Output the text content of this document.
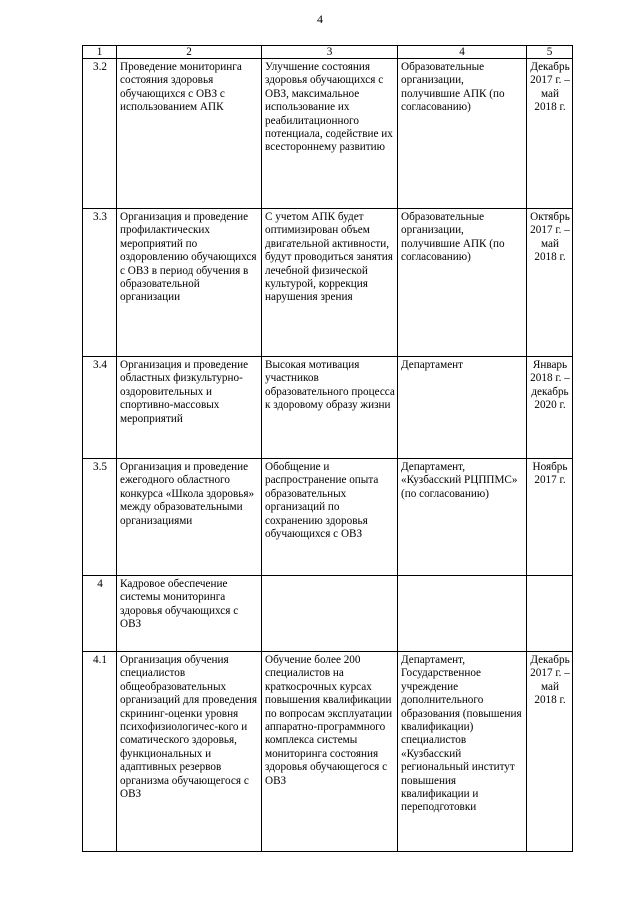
4
1	2	3	4	5
3.2	Проведение мониторинга состояния здоровья обучающихся с ОВЗ с использованием АПК	Улучшение состояния здоровья обучающихся с ОВЗ, максимальное использование их реабилитационного потенциала, содействие их всестороннему развитию	Образовательные организации, получившие АПК (по согласованию)	Декабрь 2017 г. – май 2018 г.
3.3	Организация и проведение профилактических мероприятий по оздоровлению обучающихся с ОВЗ в период обучения в образовательной организации	С учетом АПК будет оптимизирован объем двигательной активности, будут проводиться занятия лечебной физической культурой, коррекция нарушения зрения	Образовательные организации, получившие АПК (по согласованию)	Октябрь 2017 г. – май 2018 г.
3.4	Организация и проведение областных физкультурно-оздоровительных и спортивно-массовых мероприятий	Высокая мотивация участников образовательного процесса к здоровому образу жизни	Департамент	Январь 2018 г. – декабрь 2020 г.
3.5	Организация и проведение ежегодного областного конкурса «Школа здоровья» между образовательными организациями	Обобщение и распространение опыта образовательных организаций по сохранению здоровья обучающихся с ОВЗ	Департамент, «Кузбасский РЦППМС» (по согласованию)	Ноябрь 2017 г.
4	Кадровое обеспечение системы мониторинга здоровья обучающихся с ОВЗ			
4.1	Организация обучения специалистов общеобразовательных организаций для проведения скрининг-оценки уровня психофизиологичес-кого и соматического здоровья, функциональных и адаптивных резервов организма обучающегося с ОВЗ	Обучение более 200 специалистов на краткосрочных курсах повышения квалификации по вопросам эксплуатации аппаратно-программного комплекса системы мониторинга состояния здоровья обучающегося с ОВЗ	Департамент, Государственное учреждение дополнительного образования (повышения квалификации) специалистов «Кузбасский региональный институт повышения квалификации и переподготовки	Декабрь 2017 г. – май 2018 г.
